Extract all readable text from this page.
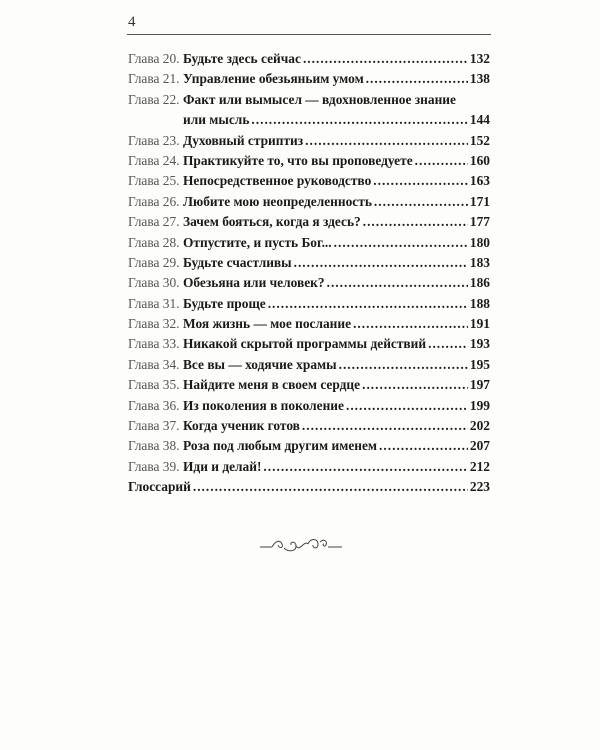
4
Глава 20. Будьте здесь сейчас .....	132
Глава 21. Управление обезьяньим умом .....	138
Глава 22. Факт или вымысел — вдохновленное знание
или мысль .....	144
Глава 23. Духовный стриптиз .....	152
Глава 24. Практикуйте то, что вы проповедуете .....	160
Глава 25. Непосредственное руководство .....	163
Глава 26. Любите мою неопределенность .....	171
Глава 27. Зачем бояться, когда я здесь? .....	177
Глава 28. Отпустите, и пусть Бог... .....	180
Глава 29. Будьте счастливы .....	183
Глава 30. Обезьяна или человек? .....	186
Глава 31. Будьте проще .....	188
Глава 32. Моя жизнь — мое послание .....	191
Глава 33. Никакой скрытой программы действий .....	193
Глава 34. Все вы — ходячие храмы .....	195
Глава 35. Найдите меня в своем сердце .....	197
Глава 36. Из поколения в поколение .....	199
Глава 37. Когда ученик готов .....	202
Глава 38. Роза под любым другим именем .....	207
Глава 39. Иди и делай! .....	212
Глоссарий .....	223
